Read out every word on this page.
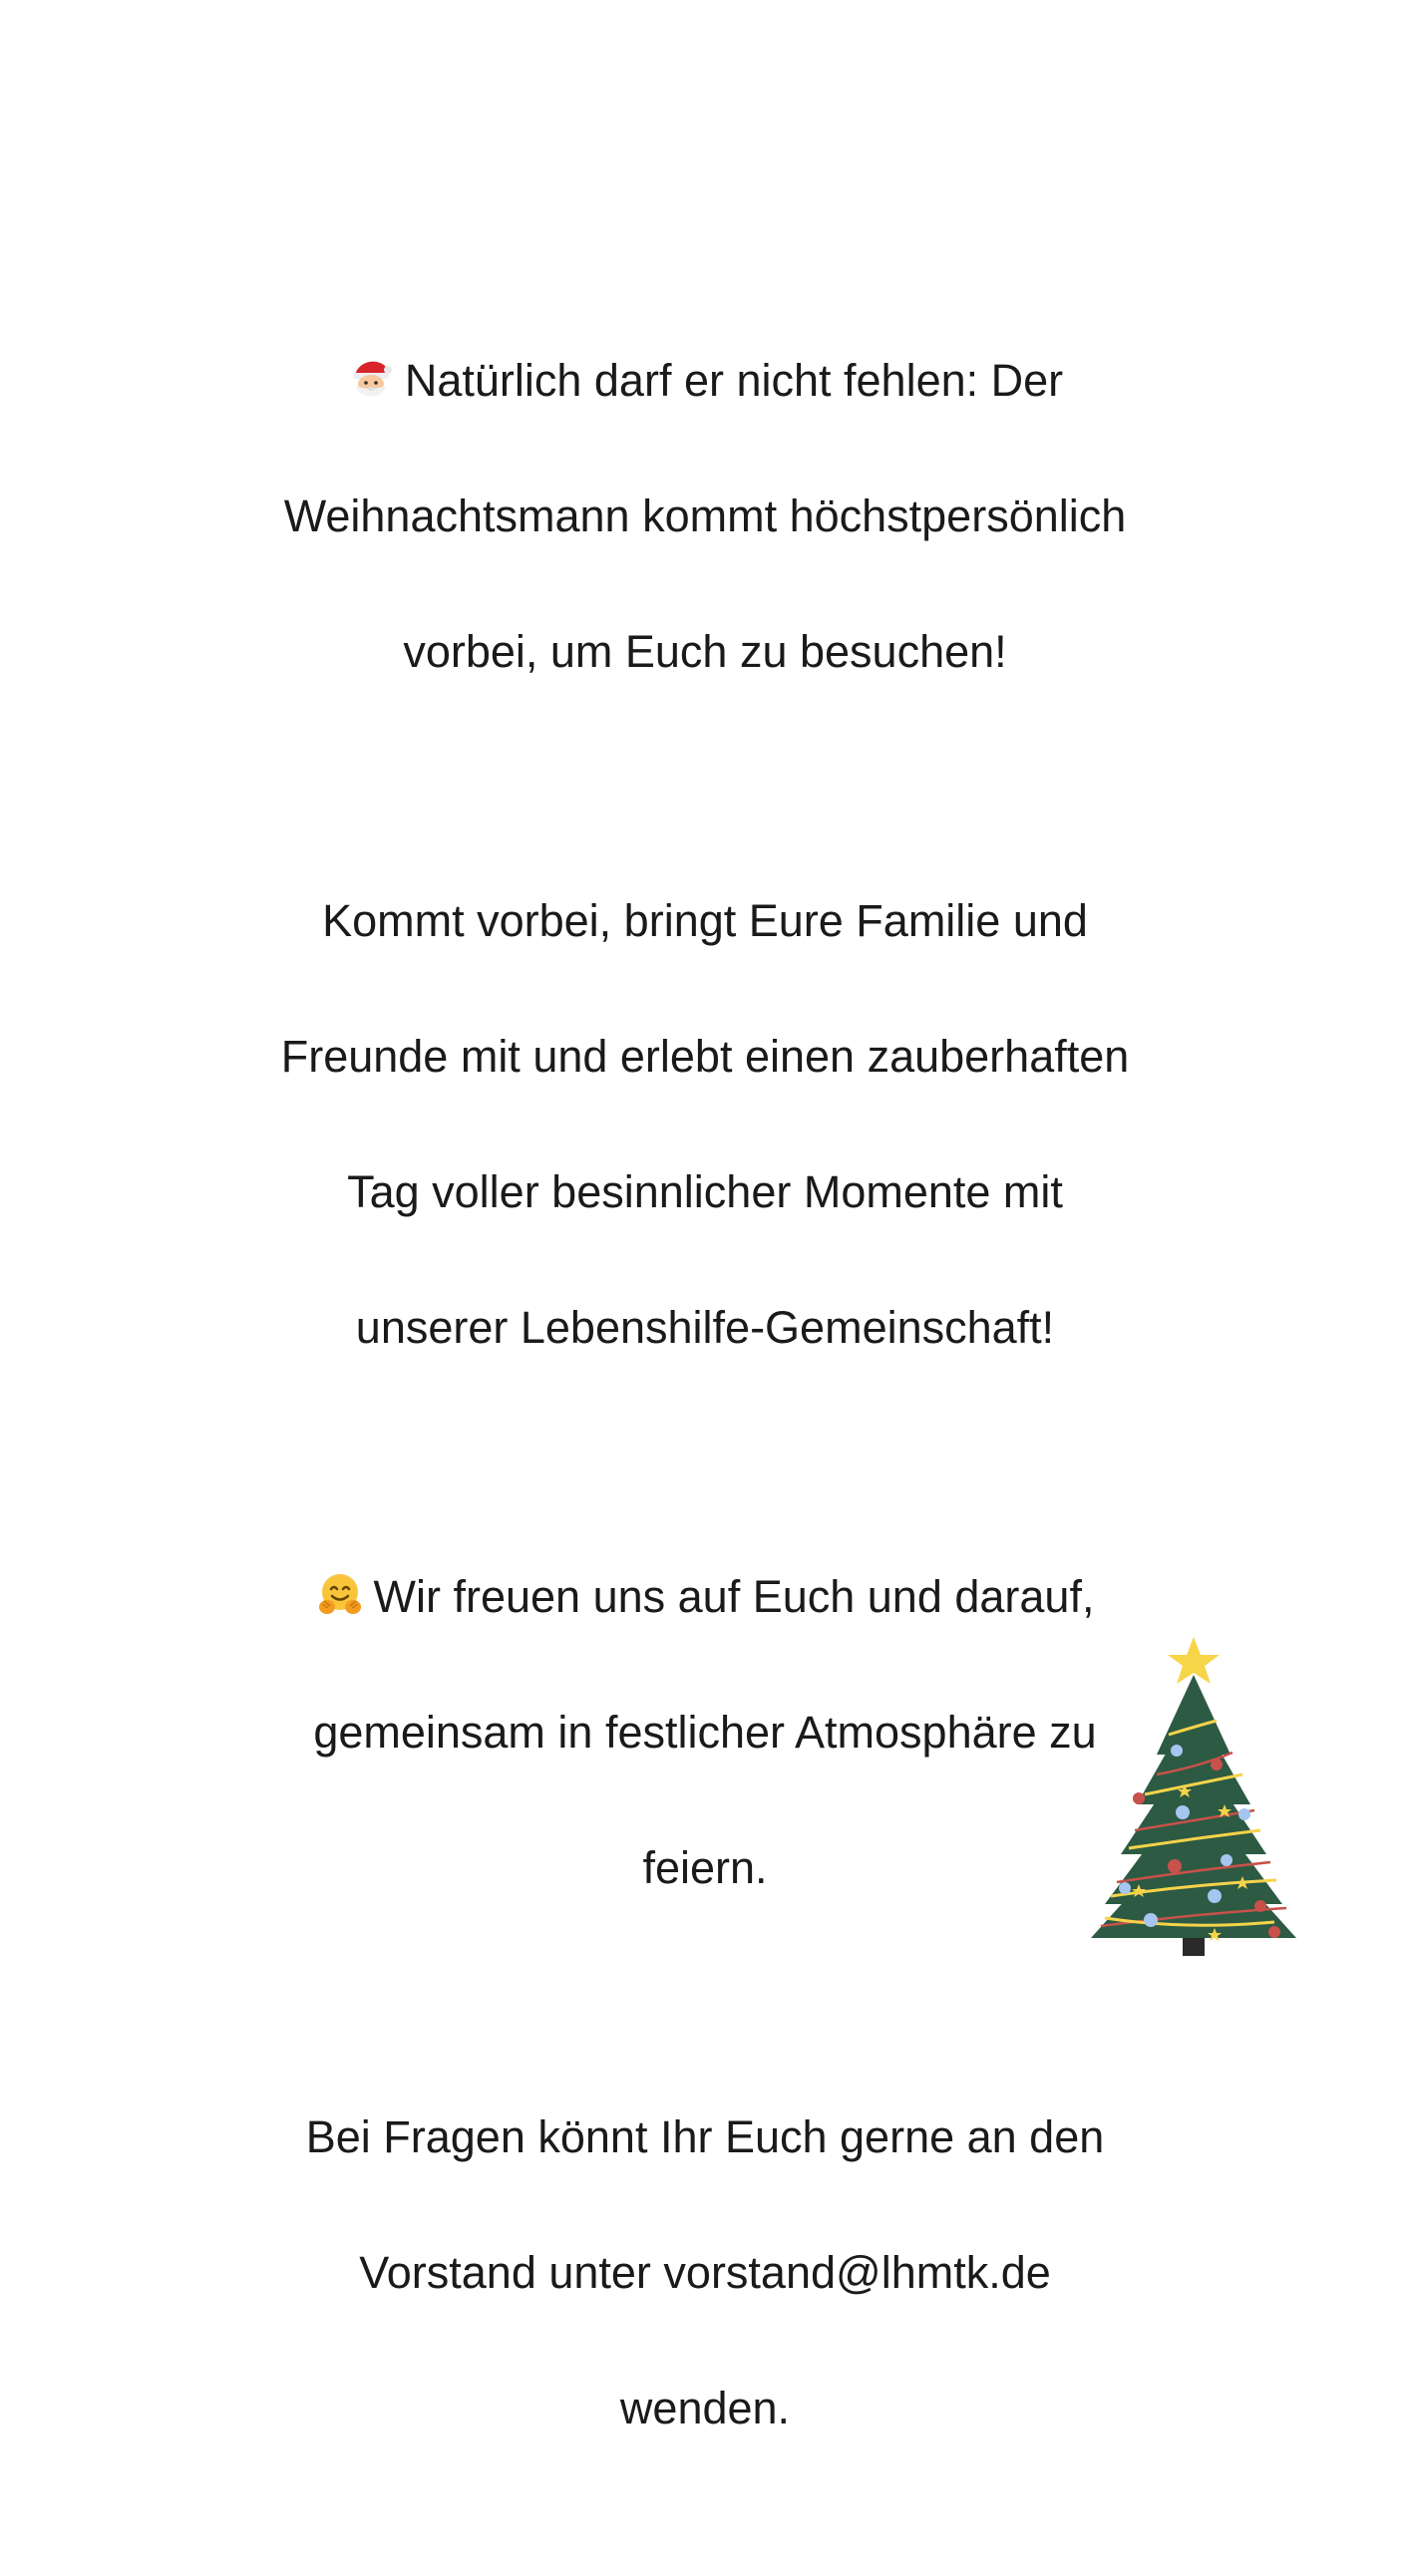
Natürlich darf er nicht fehlen: Der

Weihnachtsmann kommt höchstpersönlich

vorbei, um Euch zu besuchen!

Kommt vorbei, bringt Eure Familie und

Freunde mit und erlebt einen zauberhaften

Tag voller besinnlicher Momente mit

unserer Lebenshilfe-Gemeinschaft!

Wir freuen uns auf Euch und darauf,

gemeinsam in festlicher Atmosphäre zu

feiern.

Bei Fragen könnt Ihr Euch gerne an den

Vorstand unter vorstand@lhmtk.de

wenden.
